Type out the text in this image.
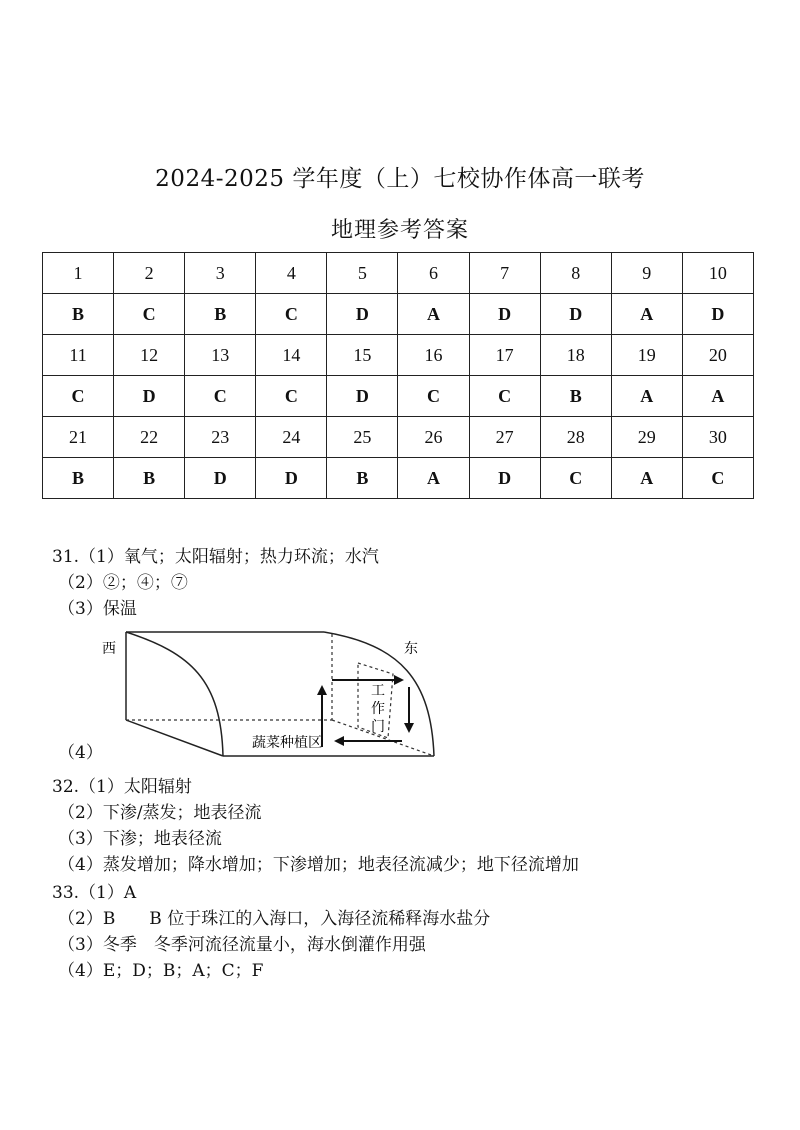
2024-2025 学年度（上）七校协作体高一联考
地理参考答案
1	2	3	4	5	6	7	8	9	10
B	C	B	C	D	A	D	D	A	D
11	12	13	14	15	16	17	18	19	20
C	D	C	C	D	C	C	B	A	A
21	22	23	24	25	26	27	28	29	30
B	B	D	D	B	A	D	C	A	C
31.（1）氧气；太阳辐射；热力环流；水汽
（2）②；④；⑦
（3）保温
（4）
西	东
工
作
门
蔬菜种植区
32.（1）太阳辐射
（2）下渗/蒸发；地表径流
（3）下渗；地表径流
（4）蒸发增加；降水增加；下渗增加；地表径流减少；地下径流增加
33.（1）A
（2）B　　B 位于珠江的入海口，入海径流稀释海水盐分
（3）冬季　冬季河流径流量小，海水倒灌作用强
（4）E；D；B；A；C；F
